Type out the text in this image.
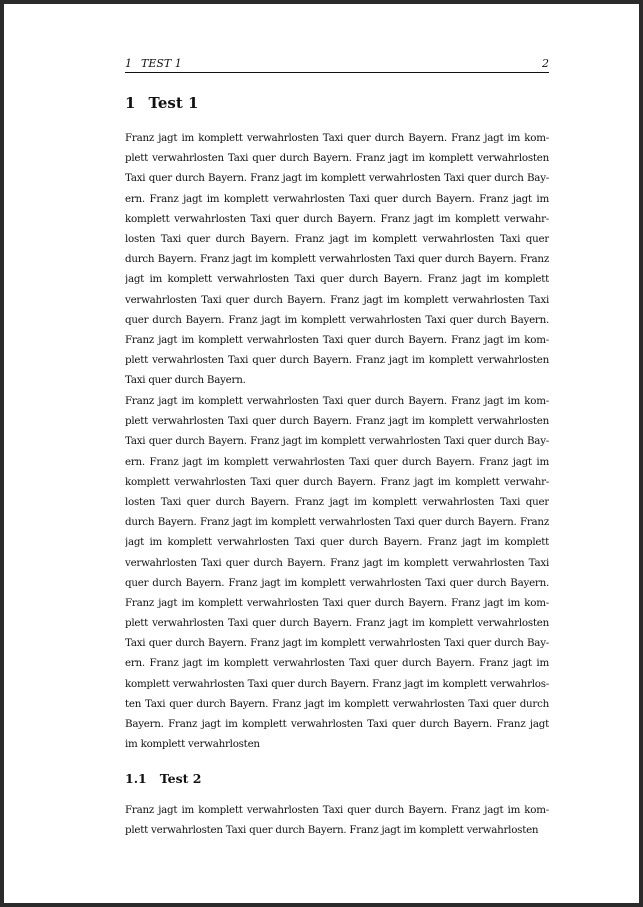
1 TEST 1	2
1 Test 1
Franz jagt im komplett verwahrlosten Taxi quer durch Bayern. Franz jagt im kom-
plett verwahrlosten Taxi quer durch Bayern. Franz jagt im komplett verwahrlosten
Taxi quer durch Bayern. Franz jagt im komplett verwahrlosten Taxi quer durch Bay-
ern. Franz jagt im komplett verwahrlosten Taxi quer durch Bayern. Franz jagt im
komplett verwahrlosten Taxi quer durch Bayern. Franz jagt im komplett verwahr-
losten Taxi quer durch Bayern. Franz jagt im komplett verwahrlosten Taxi quer
durch Bayern. Franz jagt im komplett verwahrlosten Taxi quer durch Bayern. Franz
jagt im komplett verwahrlosten Taxi quer durch Bayern. Franz jagt im komplett
verwahrlosten Taxi quer durch Bayern. Franz jagt im komplett verwahrlosten Taxi
quer durch Bayern. Franz jagt im komplett verwahrlosten Taxi quer durch Bayern.
Franz jagt im komplett verwahrlosten Taxi quer durch Bayern. Franz jagt im kom-
plett verwahrlosten Taxi quer durch Bayern. Franz jagt im komplett verwahrlosten
Taxi quer durch Bayern.
Franz jagt im komplett verwahrlosten Taxi quer durch Bayern. Franz jagt im kom-
plett verwahrlosten Taxi quer durch Bayern. Franz jagt im komplett verwahrlosten
Taxi quer durch Bayern. Franz jagt im komplett verwahrlosten Taxi quer durch Bay-
ern. Franz jagt im komplett verwahrlosten Taxi quer durch Bayern. Franz jagt im
komplett verwahrlosten Taxi quer durch Bayern. Franz jagt im komplett verwahr-
losten Taxi quer durch Bayern. Franz jagt im komplett verwahrlosten Taxi quer
durch Bayern. Franz jagt im komplett verwahrlosten Taxi quer durch Bayern. Franz
jagt im komplett verwahrlosten Taxi quer durch Bayern. Franz jagt im komplett
verwahrlosten Taxi quer durch Bayern. Franz jagt im komplett verwahrlosten Taxi
quer durch Bayern. Franz jagt im komplett verwahrlosten Taxi quer durch Bayern.
Franz jagt im komplett verwahrlosten Taxi quer durch Bayern. Franz jagt im kom-
plett verwahrlosten Taxi quer durch Bayern. Franz jagt im komplett verwahrlosten
Taxi quer durch Bayern. Franz jagt im komplett verwahrlosten Taxi quer durch Bay-
ern. Franz jagt im komplett verwahrlosten Taxi quer durch Bayern. Franz jagt im
komplett verwahrlosten Taxi quer durch Bayern. Franz jagt im komplett verwahrlos-
ten Taxi quer durch Bayern. Franz jagt im komplett verwahrlosten Taxi quer durch
Bayern. Franz jagt im komplett verwahrlosten Taxi quer durch Bayern. Franz jagt
im komplett verwahrlosten
1.1 Test 2
Franz jagt im komplett verwahrlosten Taxi quer durch Bayern. Franz jagt im kom-
plett verwahrlosten Taxi quer durch Bayern. Franz jagt im komplett verwahrlosten
